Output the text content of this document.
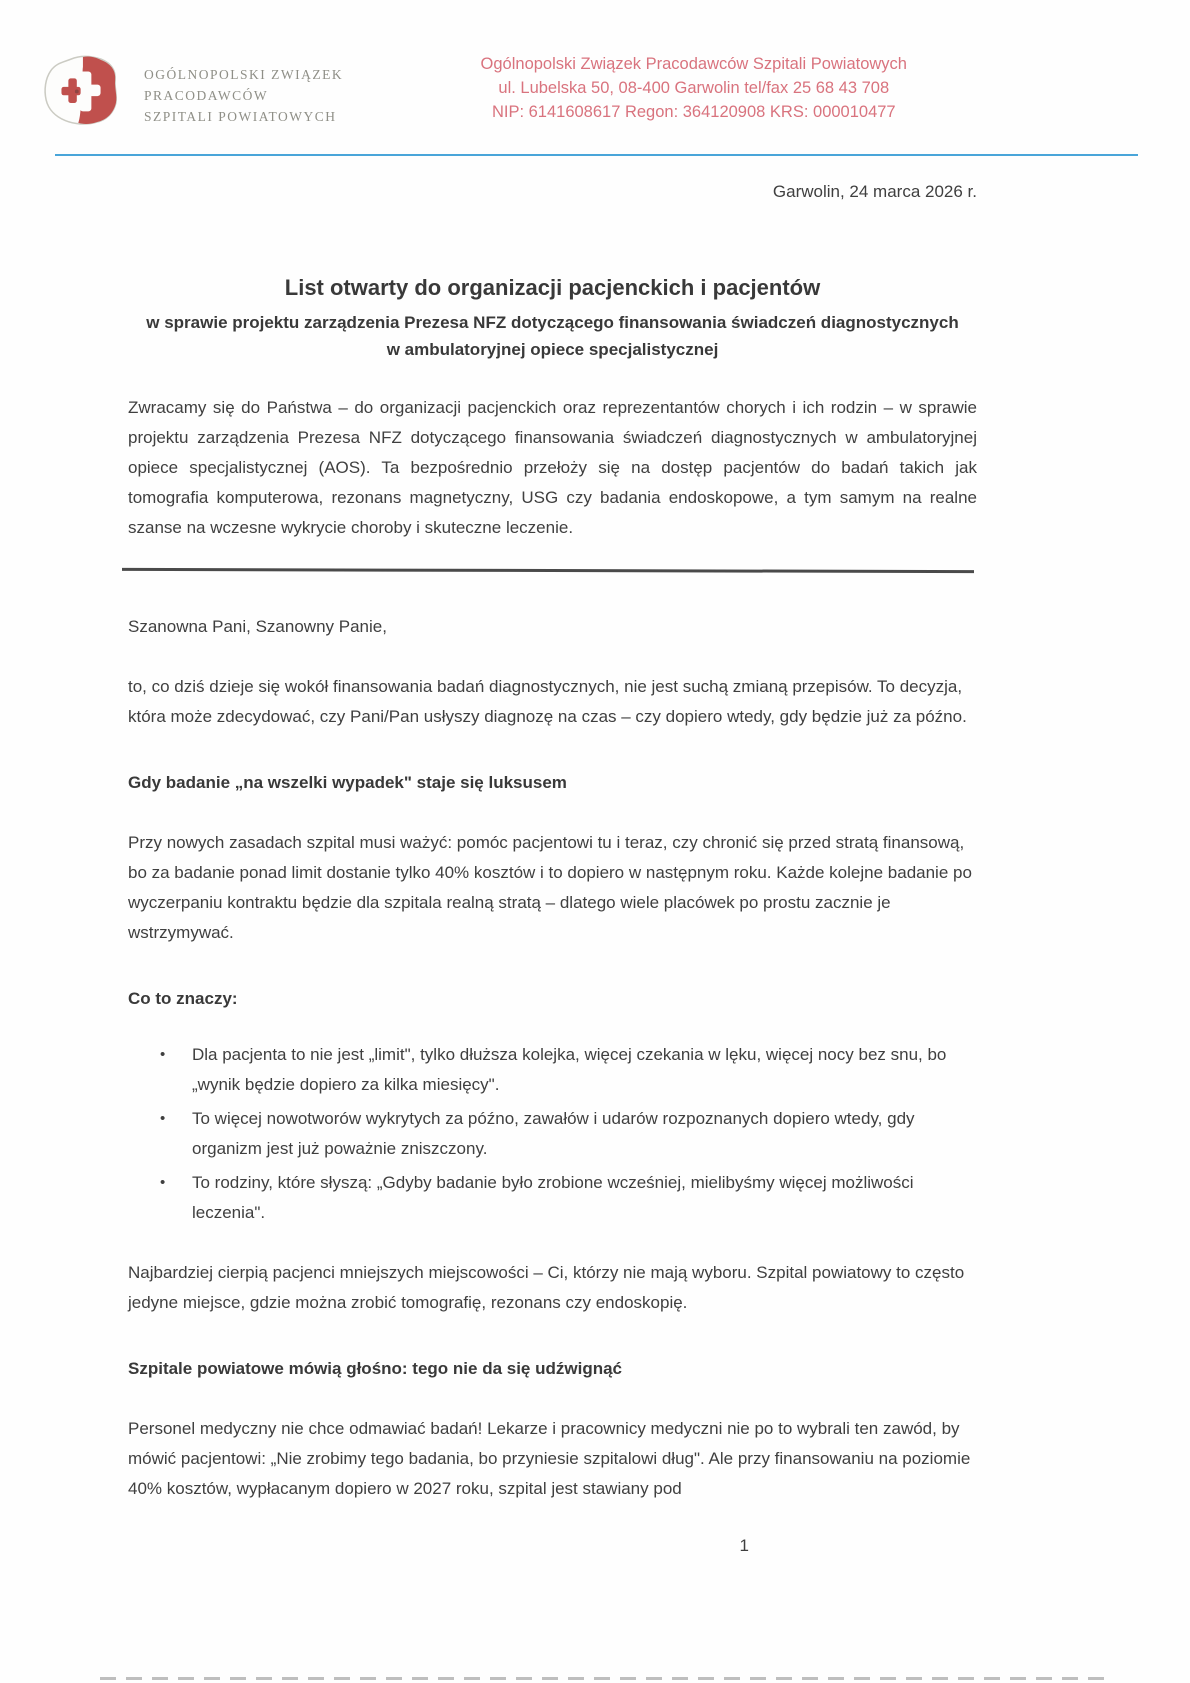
OGÓLNOPOLSKI ZWIĄZEK
PRACODAWCÓW
SZPITALI POWIATOWYCH
Ogólnopolski Związek Pracodawców Szpitali Powiatowych
ul. Lubelska 50, 08-400 Garwolin tel/fax 25 68 43 708
NIP: 6141608617 Regon: 364120908 KRS: 000010477
Garwolin, 24 marca 2026 r.
List otwarty do organizacji pacjenckich i pacjentów
w sprawie projektu zarządzenia Prezesa NFZ dotyczącego finansowania świadczeń diagnostycznych
w ambulatoryjnej opiece specjalistycznej

Zwracamy się do Państwa – do organizacji pacjenckich oraz reprezentantów chorych i ich rodzin – w sprawie projektu zarządzenia Prezesa NFZ dotyczącego finansowania świadczeń diagnostycznych w ambulatoryjnej opiece specjalistycznej (AOS). Ta bezpośrednio przełoży się na dostęp pacjentów do badań takich jak tomografia komputerowa, rezonans magnetyczny, USG czy badania endoskopowe, a tym samym na realne szanse na wczesne wykrycie choroby i skuteczne leczenie.

Szanowna Pani, Szanowny Panie,

to, co dziś dzieje się wokół finansowania badań diagnostycznych, nie jest suchą zmianą przepisów. To decyzja, która może zdecydować, czy Pani/Pan usłyszy diagnozę na czas – czy dopiero wtedy, gdy będzie już za późno.

Gdy badanie „na wszelki wypadek" staje się luksusem

Przy nowych zasadach szpital musi ważyć: pomóc pacjentowi tu i teraz, czy chronić się przed stratą finansową, bo za badanie ponad limit dostanie tylko 40% kosztów i to dopiero w następnym roku. Każde kolejne badanie po wyczerpaniu kontraktu będzie dla szpitala realną stratą – dlatego wiele placówek po prostu zacznie je wstrzymywać.

Co to znaczy:
• Dla pacjenta to nie jest „limit", tylko dłuższa kolejka, więcej czekania w lęku, więcej nocy bez snu, bo „wynik będzie dopiero za kilka miesięcy".
• To więcej nowotworów wykrytych za późno, zawałów i udarów rozpoznanych dopiero wtedy, gdy organizm jest już poważnie zniszczony.
• To rodziny, które słyszą: „Gdyby badanie było zrobione wcześniej, mielibyśmy więcej możliwości leczenia".

Najbardziej cierpią pacjenci mniejszych miejscowości – Ci, którzy nie mają wyboru. Szpital powiatowy to często jedyne miejsce, gdzie można zrobić tomografię, rezonans czy endoskopię.

Szpitale powiatowe mówią głośno: tego nie da się udźwignąć

Personel medyczny nie chce odmawiać badań! Lekarze i pracownicy medyczni nie po to wybrali ten zawód, by mówić pacjentowi: „Nie zrobimy tego badania, bo przyniesie szpitalowi dług". Ale przy finansowaniu na poziomie 40% kosztów, wypłacanym dopiero w 2027 roku, szpital jest stawiany pod

1
